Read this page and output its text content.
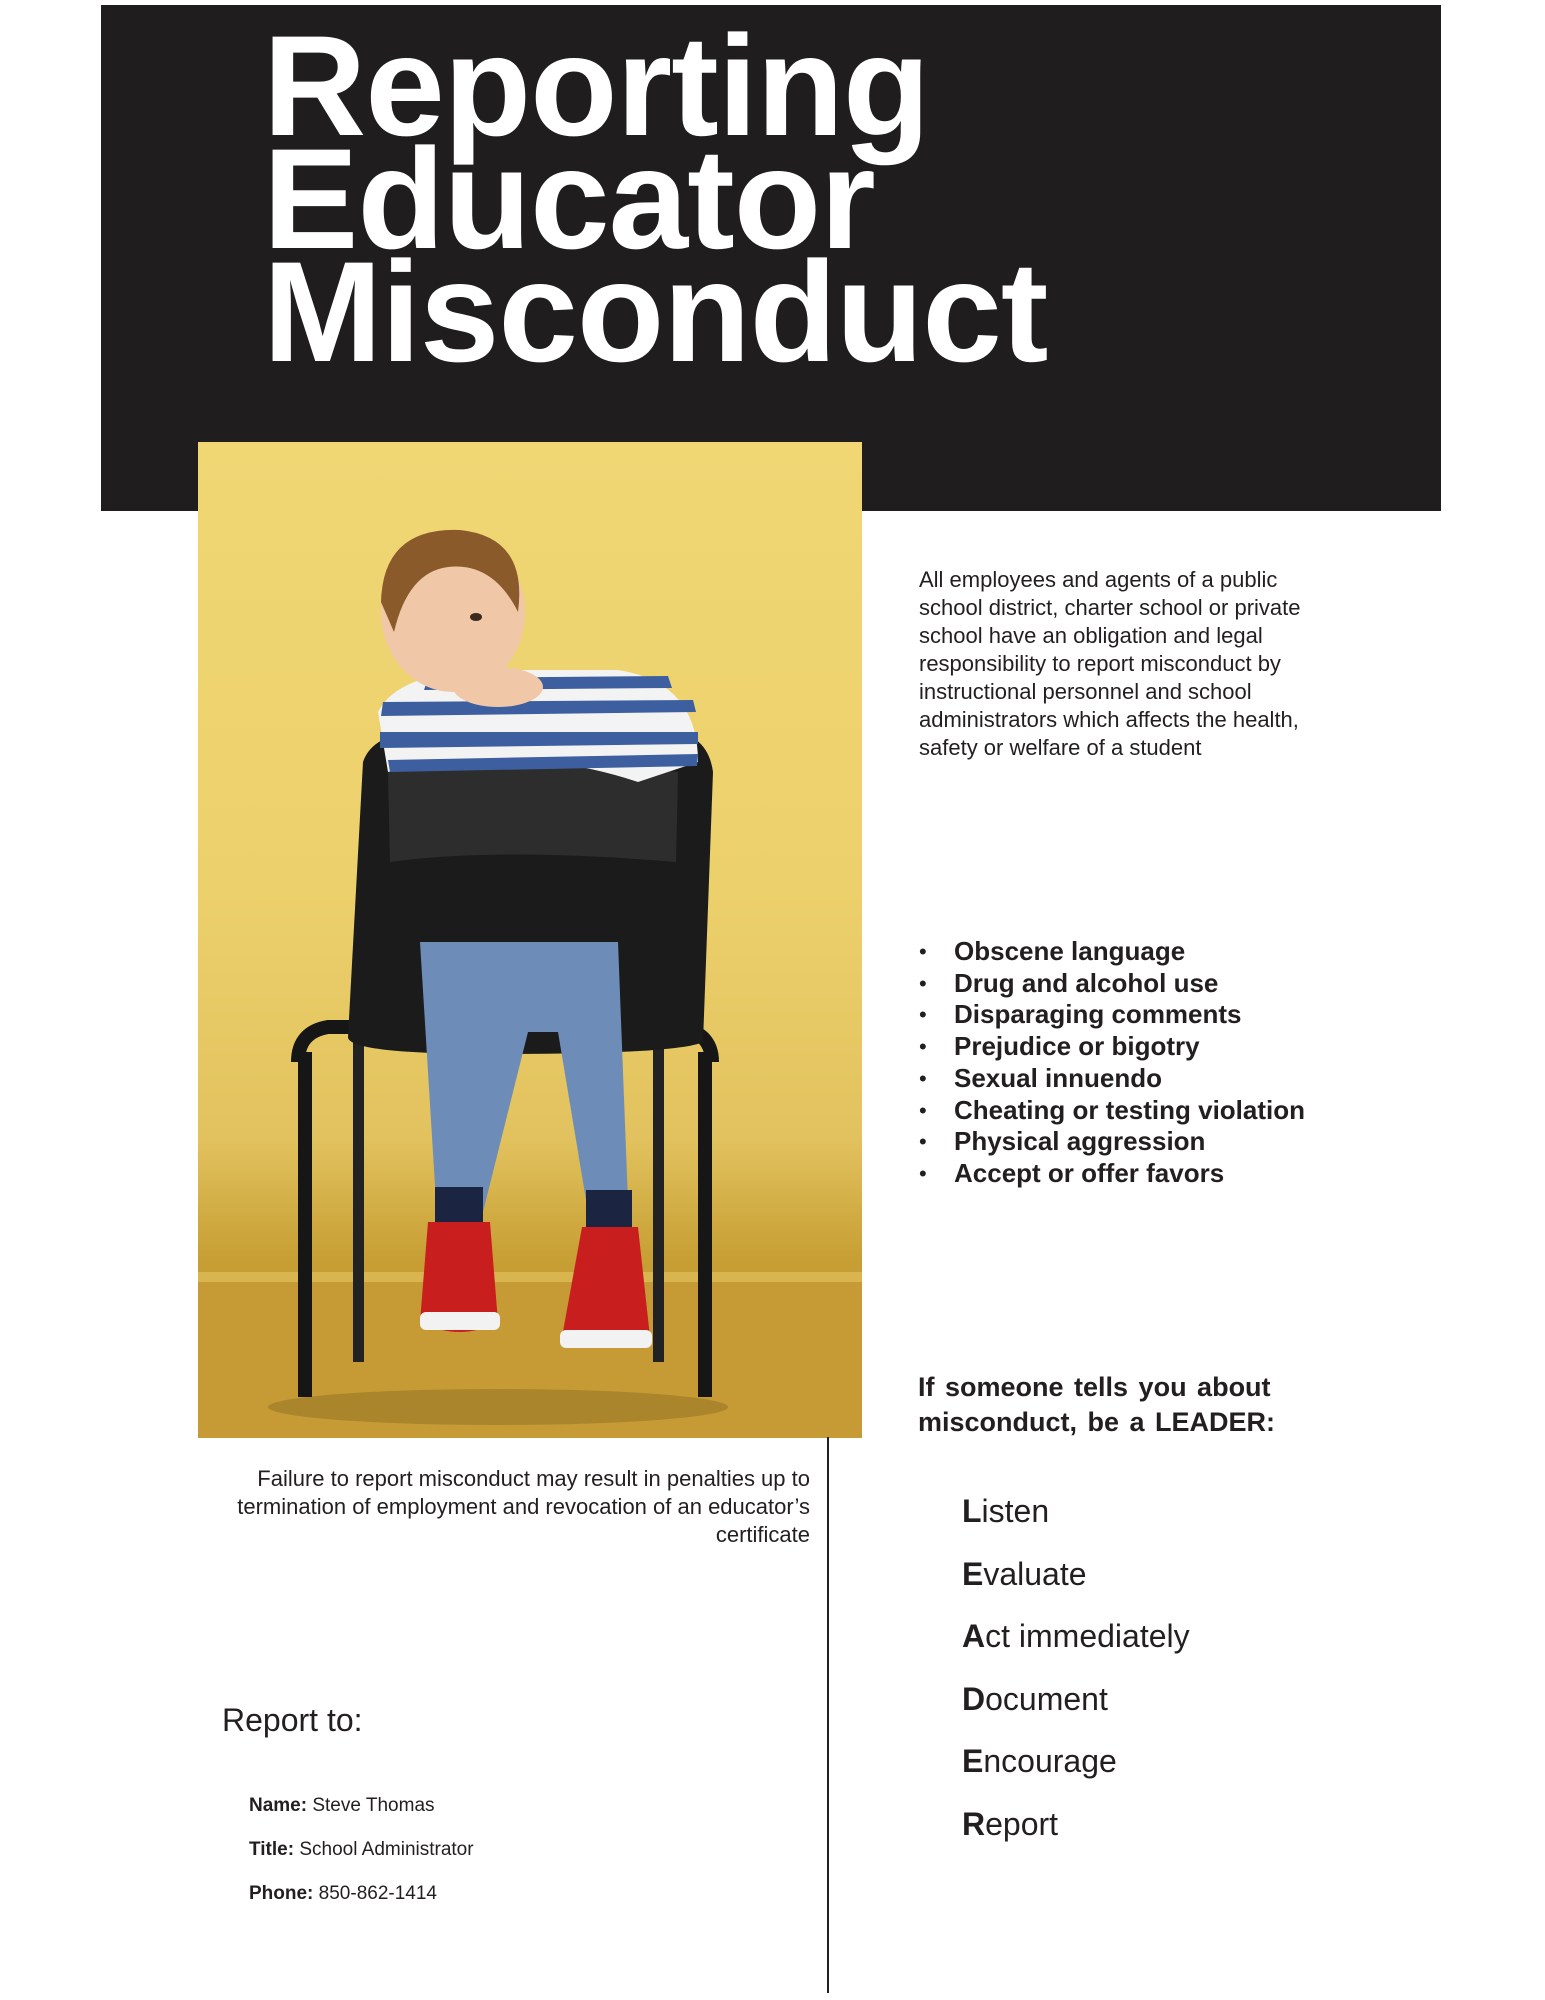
Reporting
Educator
Misconduct

All employees and agents of a public school district, charter school or private school have an obligation and legal responsibility to report misconduct by instructional personnel and school administrators which affects the health, safety or welfare of a student

• Obscene language
• Drug and alcohol use
• Disparaging comments
• Prejudice or bigotry
• Sexual innuendo
• Cheating or testing violation
• Physical aggression
• Accept or offer favors

Failure to report misconduct may result in penalties up to termination of employment and revocation of an educator’s certificate

Report to:

Name: Steve Thomas

Title: School Administrator

Phone: 850-862-1414

If someone tells you about misconduct, be a LEADER:
Listen
Evaluate
Act immediately
Document
Encourage
Report
